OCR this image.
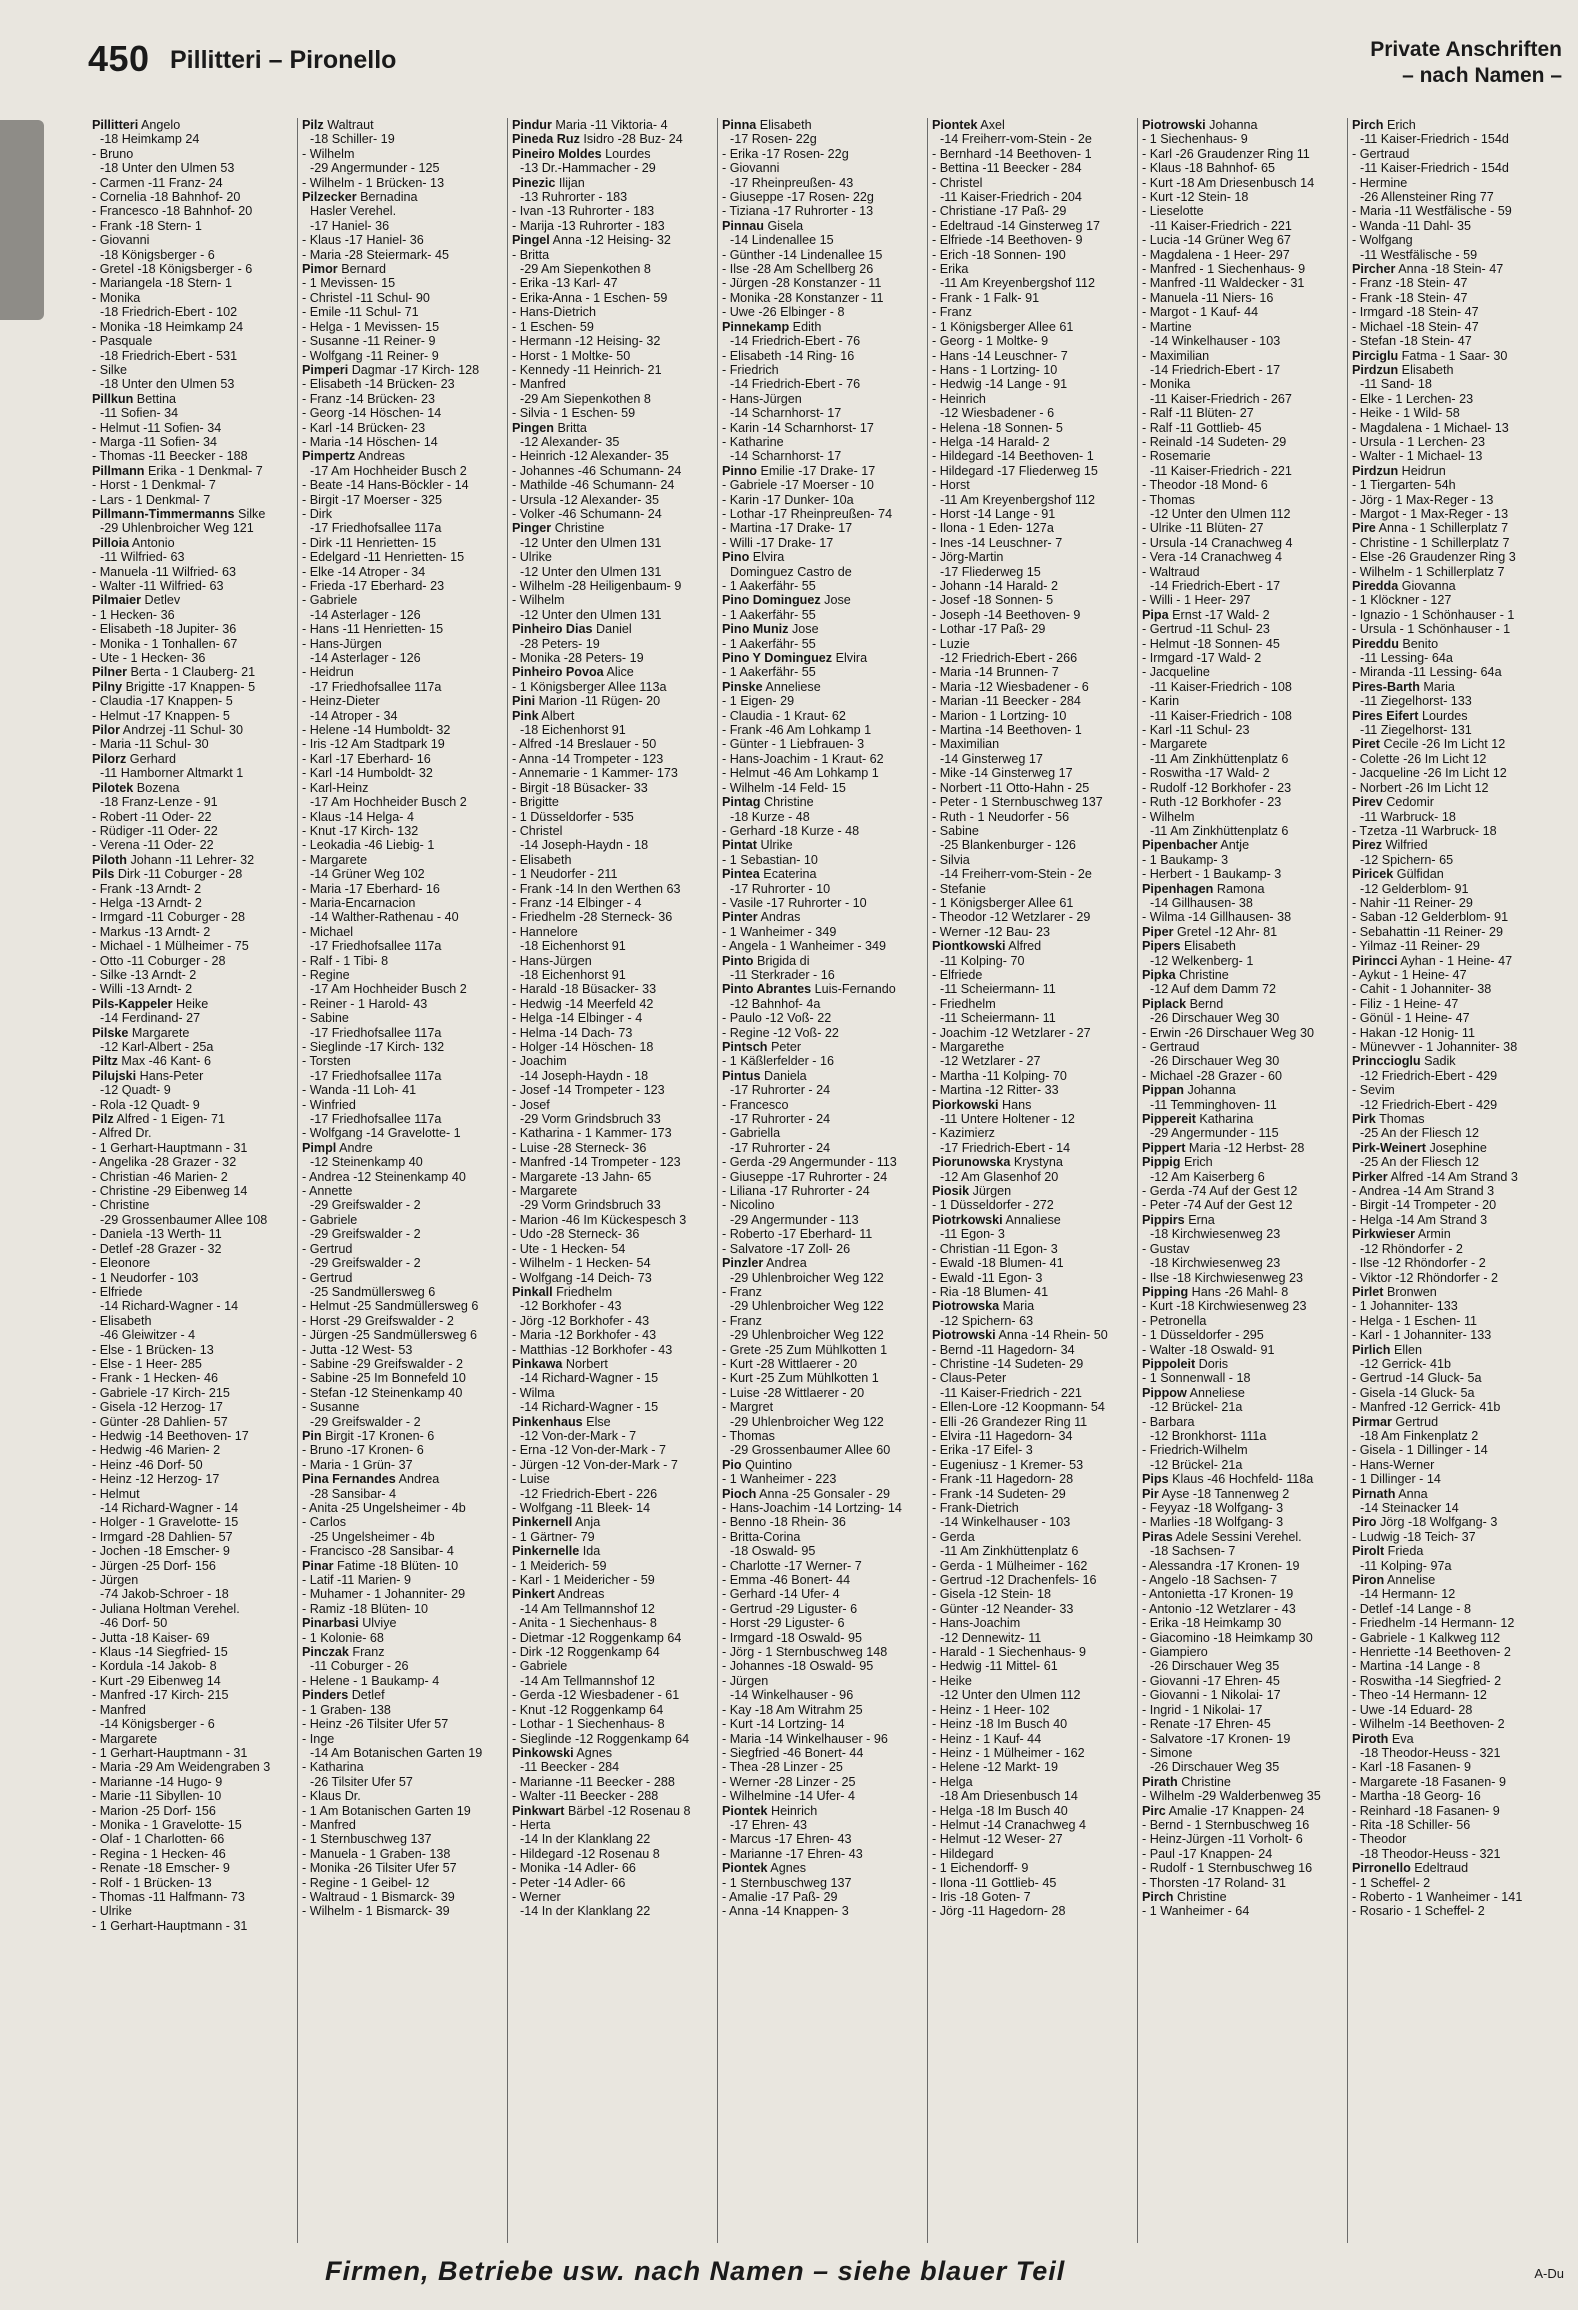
450 Pillitteri – Pironello	Private Anschriften
– nach Namen –
Pillitteri Angelo
-18 Heimkamp 24
- Bruno
-18 Unter den Ulmen 53
- Carmen -11 Franz- 24
- Cornelia -18 Bahnhof- 20
- Francesco -18 Bahnhof- 20
- Frank -18 Stern- 1
- Giovanni
-18 Königsberger - 6
- Gretel -18 Königsberger - 6
- Mariangela -18 Stern- 1
- Monika
-18 Friedrich-Ebert - 102
- Monika -18 Heimkamp 24
- Pasquale
-18 Friedrich-Ebert - 531
- Silke
-18 Unter den Ulmen 53
Pillkun Bettina
-11 Sofien- 34
- Helmut -11 Sofien- 34
- Marga -11 Sofien- 34
- Thomas -11 Beecker - 188
Pillmann Erika - 1 Denkmal- 7
- Horst - 1 Denkmal- 7
- Lars - 1 Denkmal- 7
Pillmann-Timmermanns Silke
-29 Uhlenbroicher Weg 121
Pilloia Antonio
-11 Wilfried- 63
- Manuela -11 Wilfried- 63
- Walter -11 Wilfried- 63
Pilmaier Detlev
- 1 Hecken- 36
- Elisabeth -18 Jupiter- 36
- Monika - 1 Tonhallen- 67
- Ute - 1 Hecken- 36
Pilner Berta - 1 Clauberg- 21
Pilny Brigitte -17 Knappen- 5
- Claudia -17 Knappen- 5
- Helmut -17 Knappen- 5
Pilor Andrzej -11 Schul- 30
- Maria -11 Schul- 30
Pilorz Gerhard
-11 Hamborner Altmarkt 1
Pilotek Bozena
-18 Franz-Lenze - 91
- Robert -11 Oder- 22
- Rüdiger -11 Oder- 22
- Verena -11 Oder- 22
Piloth Johann -11 Lehrer- 32
Pils Dirk -11 Coburger - 28
- Frank -13 Arndt- 2
- Helga -13 Arndt- 2
- Irmgard -11 Coburger - 28
- Markus -13 Arndt- 2
- Michael - 1 Mülheimer - 75
- Otto -11 Coburger - 28
- Silke -13 Arndt- 2
- Willi -13 Arndt- 2
Pils-Kappeler Heike
-14 Ferdinand- 27
Pilske Margarete
-12 Karl-Albert - 25a
Piltz Max -46 Kant- 6
Pilujski Hans-Peter
-12 Quadt- 9
- Rola -12 Quadt- 9
Pilz Alfred - 1 Eigen- 71
- Alfred Dr.
- 1 Gerhart-Hauptmann - 31
- Angelika -28 Grazer - 32
- Christian -46 Marien- 2
- Christine -29 Eibenweg 14
- Christine
-29 Grossenbaumer Allee 108
- Daniela -13 Werth- 11
- Detlef -28 Grazer - 32
- Eleonore
- 1 Neudorfer - 103
- Elfriede
-14 Richard-Wagner - 14
- Elisabeth
-46 Gleiwitzer - 4
- Else - 1 Brücken- 13
- Else - 1 Heer- 285
- Frank - 1 Hecken- 46
- Gabriele -17 Kirch- 215
- Gisela -12 Herzog- 17
- Günter -28 Dahlien- 57
- Hedwig -14 Beethoven- 17
- Hedwig -46 Marien- 2
- Heinz -46 Dorf- 50
- Heinz -12 Herzog- 17
- Helmut
-14 Richard-Wagner - 14
- Holger - 1 Gravelotte- 15
- Irmgard -28 Dahlien- 57
- Jochen -18 Emscher- 9
- Jürgen -25 Dorf- 156
- Jürgen
-74 Jakob-Schroer - 18
- Juliana Holtman Verehel.
-46 Dorf- 50
- Jutta -18 Kaiser- 69
- Klaus -14 Siegfried- 15
- Kordula -14 Jakob- 8
- Kurt -29 Eibenweg 14
- Manfred -17 Kirch- 215
- Manfred
-14 Königsberger - 6
- Margarete
- 1 Gerhart-Hauptmann - 31
- Maria -29 Am Weidengraben 3
- Marianne -14 Hugo- 9
- Marie -11 Sibyllen- 10
- Marion -25 Dorf- 156
- Monika - 1 Gravelotte- 15
- Olaf - 1 Charlotten- 66
- Regina - 1 Hecken- 46
- Renate -18 Emscher- 9
- Rolf - 1 Brücken- 13
- Thomas -11 Halfmann- 73
- Ulrike
- 1 Gerhart-Hauptmann - 31
Pilz Waltraut
-18 Schiller- 19
- Wilhelm
-29 Angermunder - 125
- Wilhelm - 1 Brücken- 13
Pilzecker Bernadina
Hasler Verehel.
-17 Haniel- 36
- Klaus -17 Haniel- 36
- Maria -28 Steiermark- 45
Pimor Bernard
- 1 Mevissen- 15
- Christel -11 Schul- 90
- Emile -11 Schul- 71
- Helga - 1 Mevissen- 15
- Susanne -11 Reiner- 9
- Wolfgang -11 Reiner- 9
Pimperi Dagmar -17 Kirch- 128
- Elisabeth -14 Brücken- 23
- Franz -14 Brücken- 23
- Georg -14 Höschen- 14
- Karl -14 Brücken- 23
- Maria -14 Höschen- 14
Pimpertz Andreas
-17 Am Hochheider Busch 2
- Beate -14 Hans-Böckler - 14
- Birgit -17 Moerser - 325
- Dirk
-17 Friedhofsallee 117a
- Dirk -11 Henrietten- 15
- Edelgard -11 Henrietten- 15
- Elke -14 Atroper - 34
- Frieda -17 Eberhard- 23
- Gabriele
-14 Asterlager - 126
- Hans -11 Henrietten- 15
- Hans-Jürgen
-14 Asterlager - 126
- Heidrun
-17 Friedhofsallee 117a
- Heinz-Dieter
-14 Atroper - 34
- Helene -14 Humboldt- 32
- Iris -12 Am Stadtpark 19
- Karl -17 Eberhard- 16
- Karl -14 Humboldt- 32
- Karl-Heinz
-17 Am Hochheider Busch 2
- Klaus -14 Helga- 4
- Knut -17 Kirch- 132
- Leokadia -46 Liebig- 1
- Margarete
-14 Grüner Weg 102
- Maria -17 Eberhard- 16
- Maria-Encarnacion
-14 Walther-Rathenau - 40
- Michael
-17 Friedhofsallee 117a
- Ralf - 1 Tibi- 8
- Regine
-17 Am Hochheider Busch 2
- Reiner - 1 Harold- 43
- Sabine
-17 Friedhofsallee 117a
- Sieglinde -17 Kirch- 132
- Torsten
-17 Friedhofsallee 117a
- Wanda -11 Loh- 41
- Winfried
-17 Friedhofsallee 117a
- Wolfgang -14 Gravelotte- 1
Pimpl Andre
-12 Steinenkamp 40
- Andrea -12 Steinenkamp 40
- Annette
-29 Greifswalder - 2
- Gabriele
-29 Greifswalder - 2
- Gertrud
-29 Greifswalder - 2
- Gertrud
-25 Sandmüllersweg 6
- Helmut -25 Sandmüllersweg 6
- Horst -29 Greifswalder - 2
- Jürgen -25 Sandmüllersweg 6
- Jutta -12 West- 53
- Sabine -29 Greifswalder - 2
- Sabine -25 Im Bonnefeld 10
- Stefan -12 Steinenkamp 40
- Susanne
-29 Greifswalder - 2
Pin Birgit -17 Kronen- 6
- Bruno -17 Kronen- 6
- Maria - 1 Grün- 37
Pina Fernandes Andrea
-28 Sansibar- 4
- Anita -25 Ungelsheimer - 4b
- Carlos
-25 Ungelsheimer - 4b
- Francisco -28 Sansibar- 4
Pinar Fatime -18 Blüten- 10
- Latif -11 Marien- 9
- Muhamer - 1 Johanniter- 29
- Ramiz -18 Blüten- 10
Pinarbasi Ulviye
- 1 Kolonie- 68
Pinczak Franz
-11 Coburger - 26
- Helene - 1 Baukamp- 4
Pinders Detlef
- 1 Graben- 138
- Heinz -26 Tilsiter Ufer 57
- Inge
-14 Am Botanischen Garten 19
- Katharina
-26 Tilsiter Ufer 57
- Klaus Dr.
- 1 Am Botanischen Garten 19
- Manfred
- 1 Sternbuschweg 137
- Manuela - 1 Graben- 138
- Monika -26 Tilsiter Ufer 57
- Regine - 1 Geibel- 12
- Waltraud - 1 Bismarck- 39
- Wilhelm - 1 Bismarck- 39
Pindur Maria -11 Viktoria- 4
Pineda Ruz Isidro -28 Buz- 24
Pineiro Moldes Lourdes
-13 Dr.-Hammacher - 29
Pinezic Ilijan
-13 Ruhrorter - 183
- Ivan -13 Ruhrorter - 183
- Marija -13 Ruhrorter - 183
Pingel Anna -12 Heising- 32
- Britta
-29 Am Siepenkothen 8
- Erika -13 Karl- 47
- Erika-Anna - 1 Eschen- 59
- Hans-Dietrich
- 1 Eschen- 59
- Hermann -12 Heising- 32
- Horst - 1 Moltke- 50
- Kennedy -11 Heinrich- 21
- Manfred
-29 Am Siepenkothen 8
- Silvia - 1 Eschen- 59
Pingen Britta
-12 Alexander- 35
- Heinrich -12 Alexander- 35
- Johannes -46 Schumann- 24
- Mathilde -46 Schumann- 24
- Ursula -12 Alexander- 35
- Volker -46 Schumann- 24
Pinger Christine
-12 Unter den Ulmen 131
- Ulrike
-12 Unter den Ulmen 131
- Wilhelm -28 Heiligenbaum- 9
- Wilhelm
-12 Unter den Ulmen 131
Pinheiro Dias Daniel
-28 Peters- 19
- Monika -28 Peters- 19
Pinheiro Povoa Alice
- 1 Königsberger Allee 113a
Pini Marion -11 Rügen- 20
Pink Albert
-18 Eichenhorst 91
- Alfred -14 Breslauer - 50
- Anna -14 Trompeter - 123
- Annemarie - 1 Kammer- 173
- Birgit -18 Büsacker- 33
- Brigitte
- 1 Düsseldorfer - 535
- Christel
-14 Joseph-Haydn - 18
- Elisabeth
- 1 Neudorfer - 211
- Frank -14 In den Werthen 63
- Franz -14 Elbinger - 4
- Friedhelm -28 Sterneck- 36
- Hannelore
-18 Eichenhorst 91
- Hans-Jürgen
-18 Eichenhorst 91
- Harald -18 Büsacker- 33
- Hedwig -14 Meerfeld 42
- Helga -14 Elbinger - 4
- Helma -14 Dach- 73
- Holger -14 Höschen- 18
- Joachim
-14 Joseph-Haydn - 18
- Josef -14 Trompeter - 123
- Josef
-29 Vorm Grindsbruch 33
- Katharina - 1 Kammer- 173
- Luise -28 Sterneck- 36
- Manfred -14 Trompeter - 123
- Margarete -13 Jahn- 65
- Margarete
-29 Vorm Grindsbruch 33
- Marion -46 Im Kückespesch 3
- Udo -28 Sterneck- 36
- Ute - 1 Hecken- 54
- Wilhelm - 1 Hecken- 54
- Wolfgang -14 Deich- 73
Pinkall Friedhelm
-12 Borkhofer - 43
- Jörg -12 Borkhofer - 43
- Maria -12 Borkhofer - 43
- Matthias -12 Borkhofer - 43
Pinkawa Norbert
-14 Richard-Wagner - 15
- Wilma
-14 Richard-Wagner - 15
Pinkenhaus Else
-12 Von-der-Mark - 7
- Erna -12 Von-der-Mark - 7
- Jürgen -12 Von-der-Mark - 7
- Luise
-12 Friedrich-Ebert - 226
- Wolfgang -11 Bleek- 14
Pinkernell Anja
- 1 Gärtner- 79
Pinkernelle Ida
- 1 Meiderich- 59
- Karl - 1 Meidericher - 59
Pinkert Andreas
-14 Am Tellmannshof 12
- Anita - 1 Siechenhaus- 8
- Dietmar -12 Roggenkamp 64
- Dirk -12 Roggenkamp 64
- Gabriele
-14 Am Tellmannshof 12
- Gerda -12 Wiesbadener - 61
- Knut -12 Roggenkamp 64
- Lothar - 1 Siechenhaus- 8
- Sieglinde -12 Roggenkamp 64
Pinkowski Agnes
-11 Beecker - 284
- Marianne -11 Beecker - 288
- Walter -11 Beecker - 288
Pinkwart Bärbel -12 Rosenau 8
- Herta
-14 In der Klanklang 22
- Hildegard -12 Rosenau 8
- Monika -14 Adler- 66
- Peter -14 Adler- 66
- Werner
-14 In der Klanklang 22
Pinna Elisabeth
-17 Rosen- 22g
- Erika -17 Rosen- 22g
- Giovanni
-17 Rheinpreußen- 43
- Giuseppe -17 Rosen- 22g
- Tiziana -17 Ruhrorter - 13
Pinnau Gisela
-14 Lindenallee 15
- Günther -14 Lindenallee 15
- Ilse -28 Am Schellberg 26
- Jürgen -28 Konstanzer - 11
- Monika -28 Konstanzer - 11
- Uwe -26 Elbinger - 8
Pinnekamp Edith
-14 Friedrich-Ebert - 76
- Elisabeth -14 Ring- 16
- Friedrich
-14 Friedrich-Ebert - 76
- Hans-Jürgen
-14 Scharnhorst- 17
- Karin -14 Scharnhorst- 17
- Katharine
-14 Scharnhorst- 17
Pinno Emilie -17 Drake- 17
- Gabriele -17 Moerser - 10
- Karin -17 Dunker- 10a
- Lothar -17 Rheinpreußen- 74
- Martina -17 Drake- 17
- Willi -17 Drake- 17
Pino Elvira
Dominguez Castro de
- 1 Aakerfähr- 55
Pino Dominguez Jose
- 1 Aakerfähr- 55
Pino Muniz Jose
- 1 Aakerfähr- 55
Pino Y Dominguez Elvira
- 1 Aakerfähr- 55
Pinske Anneliese
- 1 Eigen- 29
- Claudia - 1 Kraut- 62
- Frank -46 Am Lohkamp 1
- Günter - 1 Liebfrauen- 3
- Hans-Joachim - 1 Kraut- 62
- Helmut -46 Am Lohkamp 1
- Wilhelm -14 Feld- 15
Pintag Christine
-18 Kurze - 48
- Gerhard -18 Kurze - 48
Pintat Ulrike
- 1 Sebastian- 10
Pintea Ecaterina
-17 Ruhrorter - 10
- Vasile -17 Ruhrorter - 10
Pinter Andras
- 1 Wanheimer - 349
- Angela - 1 Wanheimer - 349
Pinto Brigida di
-11 Sterkrader - 16
Pinto Abrantes Luis-Fernando
-12 Bahnhof- 4a
- Paulo -12 Voß- 22
- Regine -12 Voß- 22
Pintsch Peter
- 1 Käßlerfelder - 16
Pintus Daniela
-17 Ruhrorter - 24
- Francesco
-17 Ruhrorter - 24
- Gabriella
-17 Ruhrorter - 24
- Gerda -29 Angermunder - 113
- Giuseppe -17 Ruhrorter - 24
- Liliana -17 Ruhrorter - 24
- Nicolino
-29 Angermunder - 113
- Roberto -17 Eberhard- 11
- Salvatore -17 Zoll- 26
Pinzler Andrea
-29 Uhlenbroicher Weg 122
- Franz
-29 Uhlenbroicher Weg 122
- Franz
-29 Uhlenbroicher Weg 122
- Grete -25 Zum Mühlkotten 1
- Kurt -28 Wittlaerer - 20
- Kurt -25 Zum Mühlkotten 1
- Luise -28 Wittlaerer - 20
- Margret
-29 Uhlenbroicher Weg 122
- Thomas
-29 Grossenbaumer Allee 60
Pio Quintino
- 1 Wanheimer - 223
Pioch Anna -25 Gonsaler - 29
- Hans-Joachim -14 Lortzing- 14
- Benno -18 Rhein- 36
- Britta-Corina
-18 Oswald- 95
- Charlotte -17 Werner- 7
- Emma -46 Bonert- 44
- Gerhard -14 Ufer- 4
- Gertrud -29 Liguster- 6
- Horst -29 Liguster- 6
- Irmgard -18 Oswald- 95
- Jörg - 1 Sternbuschweg 148
- Johannes -18 Oswald- 95
- Jürgen
-14 Winkelhauser - 96
- Kay -18 Am Witrahm 25
- Kurt -14 Lortzing- 14
- Maria -14 Winkelhauser - 96
- Siegfried -46 Bonert- 44
- Thea -28 Linzer - 25
- Werner -28 Linzer - 25
- Wilhelmine -14 Ufer- 4
Piontek Heinrich
-17 Ehren- 43
- Marcus -17 Ehren- 43
- Marianne -17 Ehren- 43
Piontek Agnes
- 1 Sternbuschweg 137
- Amalie -17 Paß- 29
- Anna -14 Knappen- 3
Piontek Axel
-14 Freiherr-vom-Stein - 2e
- Bernhard -14 Beethoven- 1
- Bettina -11 Beecker - 284
- Christel
-11 Kaiser-Friedrich - 204
- Christiane -17 Paß- 29
- Edeltraud -14 Ginsterweg 17
- Elfriede -14 Beethoven- 9
- Erich -18 Sonnen- 190
- Erika
-11 Am Kreyenbergshof 112
- Frank - 1 Falk- 91
- Franz
- 1 Königsberger Allee 61
- Georg - 1 Moltke- 9
- Hans -14 Leuschner- 7
- Hans - 1 Lortzing- 10
- Hedwig -14 Lange - 91
- Heinrich
-12 Wiesbadener - 6
- Helena -18 Sonnen- 5
- Helga -14 Harald- 2
- Hildegard -14 Beethoven- 1
- Hildegard -17 Fliederweg 15
- Horst
-11 Am Kreyenbergshof 112
- Horst -14 Lange - 91
- Ilona - 1 Eden- 127a
- Ines -14 Leuschner- 7
- Jörg-Martin
-17 Fliederweg 15
- Johann -14 Harald- 2
- Josef -18 Sonnen- 5
- Joseph -14 Beethoven- 9
- Lothar -17 Paß- 29
- Luzie
-12 Friedrich-Ebert - 266
- Maria -14 Brunnen- 7
- Maria -12 Wiesbadener - 6
- Marian -11 Beecker - 284
- Marion - 1 Lortzing- 10
- Martina -14 Beethoven- 1
- Maximilian
-14 Ginsterweg 17
- Mike -14 Ginsterweg 17
- Norbert -11 Otto-Hahn - 25
- Peter - 1 Sternbuschweg 137
- Ruth - 1 Neudorfer - 56
- Sabine
-25 Blankenburger - 126
- Silvia
-14 Freiherr-vom-Stein - 2e
- Stefanie
- 1 Königsberger Allee 61
- Theodor -12 Wetzlarer - 29
- Werner -12 Bau- 23
Piontkowski Alfred
-11 Kolping- 70
- Elfriede
-11 Scheiermann- 11
- Friedhelm
-11 Scheiermann- 11
- Joachim -12 Wetzlarer - 27
- Margarethe
-12 Wetzlarer - 27
- Martha -11 Kolping- 70
- Martina -12 Ritter- 33
Piorkowski Hans
-11 Untere Holtener - 12
- Kazimierz
-17 Friedrich-Ebert - 14
Piorunowska Krystyna
-12 Am Glasenhof 20
Piosik Jürgen
- 1 Düsseldorfer - 272
Piotrkowski Annaliese
-11 Egon- 3
- Christian -11 Egon- 3
- Ewald -18 Blumen- 41
- Ewald -11 Egon- 3
- Ria -18 Blumen- 41
Piotrowska Maria
-12 Spichern- 63
Piotrowski Anna -14 Rhein- 50
- Bernd -11 Hagedorn- 34
- Christine -14 Sudeten- 29
- Claus-Peter
-11 Kaiser-Friedrich - 221
- Ellen-Lore -12 Koopmann- 54
- Elli -26 Grandezer Ring 11
- Elvira -11 Hagedorn- 34
- Erika -17 Eifel- 3
- Eugeniusz - 1 Kremer- 53
- Frank -11 Hagedorn- 28
- Frank -14 Sudeten- 29
- Frank-Dietrich
-14 Winkelhauser - 103
- Gerda
-11 Am Zinkhüttenplatz 6
- Gerda - 1 Mülheimer - 162
- Gertrud -12 Drachenfels- 16
- Gisela -12 Stein- 18
- Günter -12 Neander- 33
- Hans-Joachim
-12 Dennewitz- 11
- Harald - 1 Siechenhaus- 9
- Hedwig -11 Mittel- 61
- Heike
-12 Unter den Ulmen 112
- Heinz - 1 Heer- 102
- Heinz -18 Im Busch 40
- Heinz - 1 Kauf- 44
- Heinz - 1 Mülheimer - 162
- Helene -12 Markt- 19
- Helga
-18 Am Driesenbusch 14
- Helga -18 Im Busch 40
- Helmut -14 Cranachweg 4
- Helmut -12 Weser- 27
- Hildegard
- 1 Eichendorff- 9
- Ilona -11 Gottlieb- 45
- Iris -18 Goten- 7
- Jörg -11 Hagedorn- 28
Piotrowski Johanna
- 1 Siechenhaus- 9
- Karl -26 Graudenzer Ring 11
- Klaus -18 Bahnhof- 65
- Kurt -18 Am Driesenbusch 14
- Kurt -12 Stein- 18
- Lieselotte
-11 Kaiser-Friedrich - 221
- Lucia -14 Grüner Weg 67
- Magdalena - 1 Heer- 297
- Manfred - 1 Siechenhaus- 9
- Manfred -11 Waldecker - 31
- Manuela -11 Niers- 16
- Margot - 1 Kauf- 44
- Martine
-14 Winkelhauser - 103
- Maximilian
-14 Friedrich-Ebert - 17
- Monika
-11 Kaiser-Friedrich - 267
- Ralf -11 Blüten- 27
- Ralf -11 Gottlieb- 45
- Reinald -14 Sudeten- 29
- Rosemarie
-11 Kaiser-Friedrich - 221
- Theodor -18 Mond- 6
- Thomas
-12 Unter den Ulmen 112
- Ulrike -11 Blüten- 27
- Ursula -14 Cranachweg 4
- Vera -14 Cranachweg 4
- Waltraud
-14 Friedrich-Ebert - 17
- Willi - 1 Heer- 297
Pipa Ernst -17 Wald- 2
- Gertrud -11 Schul- 23
- Helmut -18 Sonnen- 45
- Irmgard -17 Wald- 2
- Jacqueline
-11 Kaiser-Friedrich - 108
- Karin
-11 Kaiser-Friedrich - 108
- Karl -11 Schul- 23
- Margarete
-11 Am Zinkhüttenplatz 6
- Roswitha -17 Wald- 2
- Rudolf -12 Borkhofer - 23
- Ruth -12 Borkhofer - 23
- Wilhelm
-11 Am Zinkhüttenplatz 6
Pipenbacher Antje
- 1 Baukamp- 3
- Herbert - 1 Baukamp- 3
Pipenhagen Ramona
-14 Gillhausen- 38
- Wilma -14 Gillhausen- 38
Piper Gretel -12 Ahr- 81
Pipers Elisabeth
-12 Welkenberg- 1
Pipka Christine
-12 Auf dem Damm 72
Piplack Bernd
-26 Dirschauer Weg 30
- Erwin -26 Dirschauer Weg 30
- Gertraud
-26 Dirschauer Weg 30
- Michael -28 Grazer - 60
Pippan Johanna
-11 Temminghoven- 11
Pippereit Katharina
-29 Angermunder - 115
Pippert Maria -12 Herbst- 28
Pippig Erich
-12 Am Kaiserberg 6
- Gerda -74 Auf der Gest 12
- Peter -74 Auf der Gest 12
Pippirs Erna
-18 Kirchwiesenweg 23
- Gustav
-18 Kirchwiesenweg 23
- Ilse -18 Kirchwiesenweg 23
Pipping Hans -26 Mahl- 8
- Kurt -18 Kirchwiesenweg 23
- Petronella
- 1 Düsseldorfer - 295
- Walter -18 Oswald- 91
Pippoleit Doris
- 1 Sonnenwall - 18
Pippow Anneliese
-12 Brückel- 21a
- Barbara
-12 Bronkhorst- 111a
- Friedrich-Wilhelm
-12 Brückel- 21a
Pips Klaus -46 Hochfeld- 118a
Pir Ayse -18 Tannenweg 2
- Feyyaz -18 Wolfgang- 3
- Marlies -18 Wolfgang- 3
Piras Adele Sessini Verehel.
-18 Sachsen- 7
- Alessandra -17 Kronen- 19
- Angelo -18 Sachsen- 7
- Antonietta -17 Kronen- 19
- Antonio -12 Wetzlarer - 43
- Erika -18 Heimkamp 30
- Giacomino -18 Heimkamp 30
- Giampiero
-26 Dirschauer Weg 35
- Giovanni -17 Ehren- 45
- Giovanni - 1 Nikolai- 17
- Ingrid - 1 Nikolai- 17
- Renate -17 Ehren- 45
- Salvatore -17 Kronen- 19
- Simone
-26 Dirschauer Weg 35
Pirath Christine
- Wilhelm -29 Walderbenweg 35
Pirc Amalie -17 Knappen- 24
- Bernd - 1 Sternbuschweg 16
- Heinz-Jürgen -11 Vorholt- 6
- Paul -17 Knappen- 24
- Rudolf - 1 Sternbuschweg 16
- Thorsten -17 Roland- 31
Pirch Christine
- 1 Wanheimer - 64
Pirch Erich
-11 Kaiser-Friedrich - 154d
- Gertraud
-11 Kaiser-Friedrich - 154d
- Hermine
-26 Allensteiner Ring 77
- Maria -11 Westfälische - 59
- Wanda -11 Dahl- 35
- Wolfgang
-11 Westfälische - 59
Pircher Anna -18 Stein- 47
- Franz -18 Stein- 47
- Frank -18 Stein- 47
- Irmgard -18 Stein- 47
- Michael -18 Stein- 47
- Stefan -18 Stein- 47
Pirciglu Fatma - 1 Saar- 30
Pirdzun Elisabeth
-11 Sand- 18
- Elke - 1 Lerchen- 23
- Heike - 1 Wild- 58
- Magdalena - 1 Michael- 13
- Ursula - 1 Lerchen- 23
- Walter - 1 Michael- 13
Pirdzun Heidrun
- 1 Tiergarten- 54h
- Jörg - 1 Max-Reger - 13
- Margot - 1 Max-Reger - 13
Pire Anna - 1 Schillerplatz 7
- Christine - 1 Schillerplatz 7
- Else -26 Graudenzer Ring 3
- Wilhelm - 1 Schillerplatz 7
Piredda Giovanna
- 1 Klöckner - 127
- Ignazio - 1 Schönhauser - 1
- Ursula - 1 Schönhauser - 1
Pireddu Benito
-11 Lessing- 64a
- Miranda -11 Lessing- 64a
Pires-Barth Maria
-11 Ziegelhorst- 133
Pires Eifert Lourdes
-11 Ziegelhorst- 131
Piret Cecile -26 Im Licht 12
- Colette -26 Im Licht 12
- Jacqueline -26 Im Licht 12
- Norbert -26 Im Licht 12
Pirev Cedomir
-11 Warbruck- 18
- Tzetza -11 Warbruck- 18
Pirez Wilfried
-12 Spichern- 65
Piricek Gülfidan
-12 Gelderblom- 91
- Nahir -11 Reiner- 29
- Saban -12 Gelderblom- 91
- Sebahattin -11 Reiner- 29
- Yilmaz -11 Reiner- 29
Pirincci Ayhan - 1 Heine- 47
- Aykut - 1 Heine- 47
- Cahit - 1 Johanniter- 38
- Filiz - 1 Heine- 47
- Gönül - 1 Heine- 47
- Hakan -12 Honig- 11
- Münevver - 1 Johanniter- 38
Princcioglu Sadik
-12 Friedrich-Ebert - 429
- Sevim
-12 Friedrich-Ebert - 429
Pirk Thomas
-25 An der Fliesch 12
Pirk-Weinert Josephine
-25 An der Fliesch 12
Pirker Alfred -14 Am Strand 3
- Andrea -14 Am Strand 3
- Birgit -14 Trompeter - 20
- Helga -14 Am Strand 3
Pirkwieser Armin
-12 Rhöndorfer - 2
- Ilse -12 Rhöndorfer - 2
- Viktor -12 Rhöndorfer - 2
Pirlet Bronwen
- 1 Johanniter- 133
- Helga - 1 Eschen- 11
- Karl - 1 Johanniter- 133
Pirlich Ellen
-12 Gerrick- 41b
- Gertrud -14 Gluck- 5a
- Gisela -14 Gluck- 5a
- Manfred -12 Gerrick- 41b
Pirmar Gertrud
-18 Am Finkenplatz 2
- Gisela - 1 Dillinger - 14
- Hans-Werner
- 1 Dillinger - 14
Pirnath Anna
-14 Steinacker 14
Piro Jörg -18 Wolfgang- 3
- Ludwig -18 Teich- 37
Pirolt Frieda
-11 Kolping- 97a
Piron Annelise
-14 Hermann- 12
- Detlef -14 Lange - 8
- Friedhelm -14 Hermann- 12
- Gabriele - 1 Kalkweg 112
- Henriette -14 Beethoven- 2
- Martina -14 Lange - 8
- Roswitha -14 Siegfried- 2
- Theo -14 Hermann- 12
- Uwe -14 Eduard- 28
- Wilhelm -14 Beethoven- 2
Piroth Eva
-18 Theodor-Heuss - 321
- Karl -18 Fasanen- 9
- Margarete -18 Fasanen- 9
- Martha -18 Georg- 16
- Reinhard -18 Fasanen- 9
- Rita -18 Schiller- 56
- Theodor
-18 Theodor-Heuss - 321
Pirronello Edeltraud
- 1 Scheffel- 2
- Roberto - 1 Wanheimer - 141
- Rosario - 1 Scheffel- 2
Firmen, Betriebe usw. nach Namen – siehe blauer Teil	A-Du
